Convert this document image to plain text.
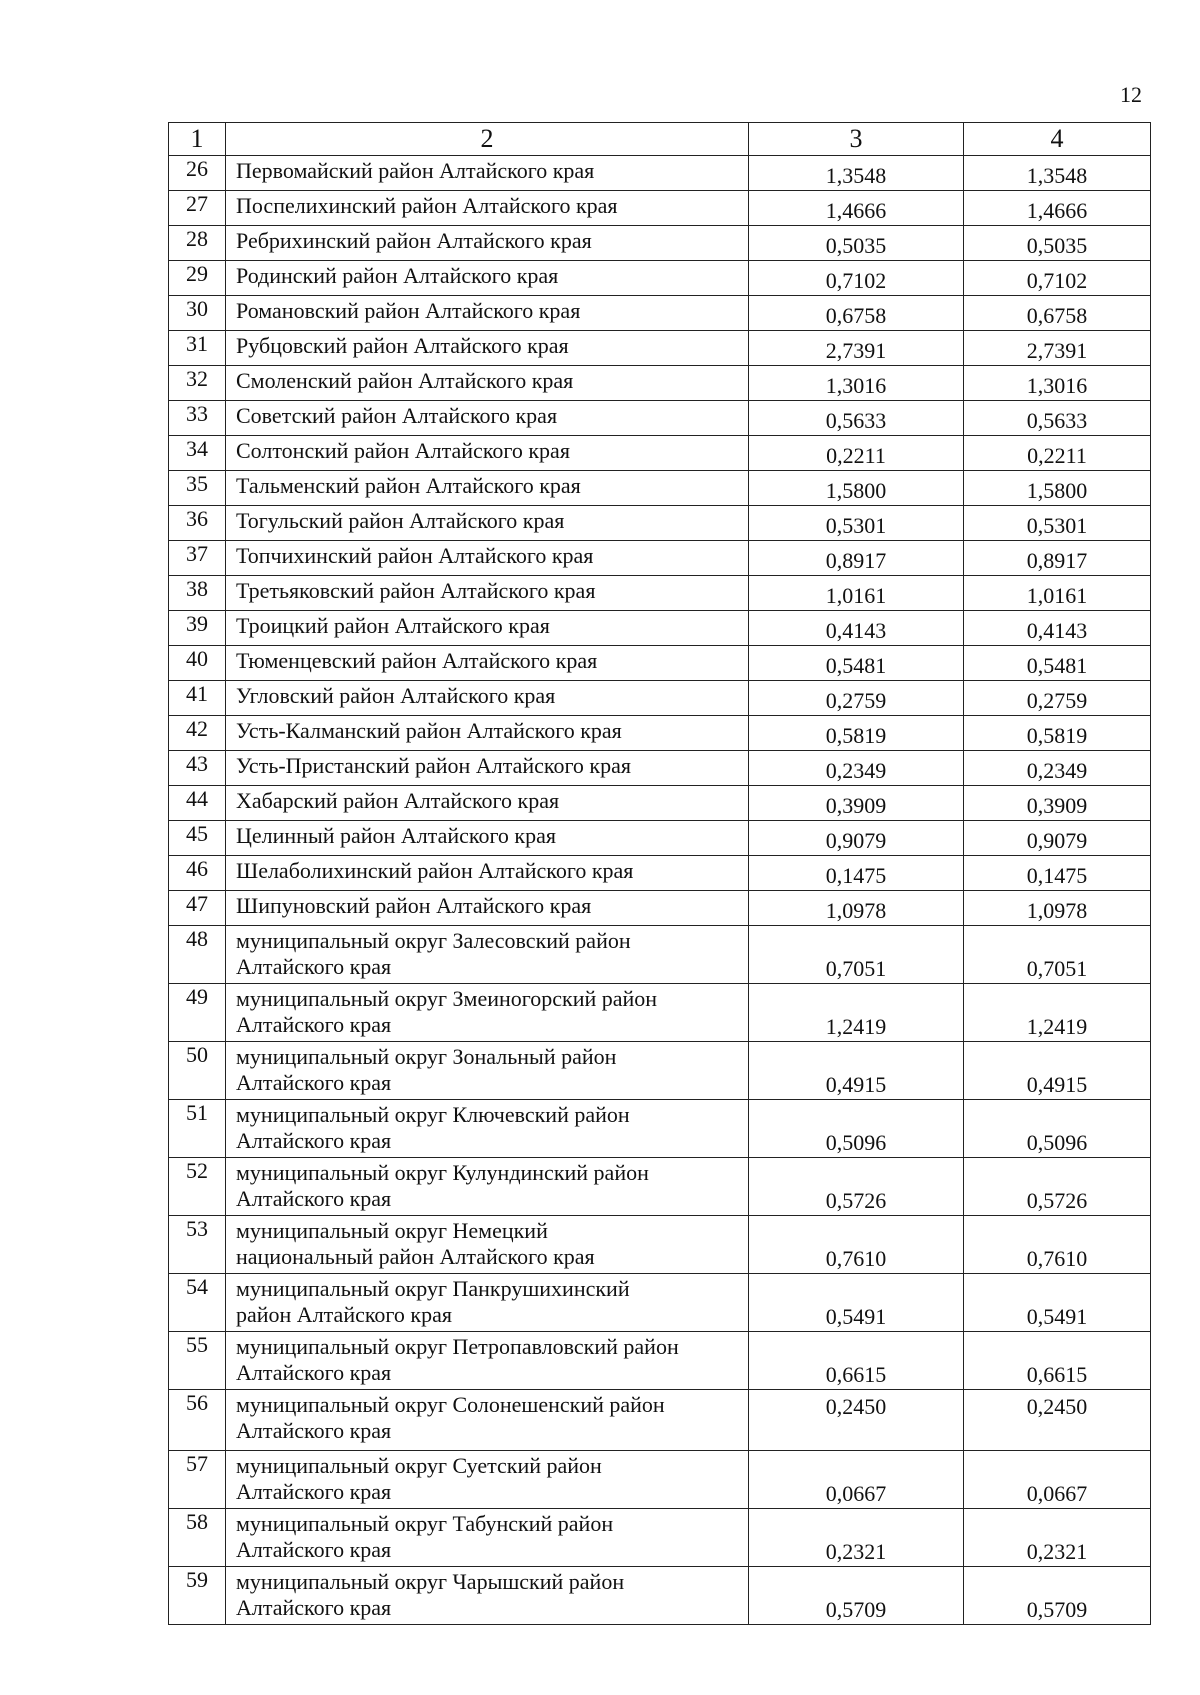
12
1	2	3	4
26	Первомайский район Алтайского края	1,3548	1,3548
27	Поспелихинский район Алтайского края	1,4666	1,4666
28	Ребрихинский район Алтайского края	0,5035	0,5035
29	Родинский район Алтайского края	0,7102	0,7102
30	Романовский район Алтайского края	0,6758	0,6758
31	Рубцовский район Алтайского края	2,7391	2,7391
32	Смоленский район Алтайского края	1,3016	1,3016
33	Советский район Алтайского края	0,5633	0,5633
34	Солтонский район Алтайского края	0,2211	0,2211
35	Тальменский район Алтайского края	1,5800	1,5800
36	Тогульский район Алтайского края	0,5301	0,5301
37	Топчихинский район Алтайского края	0,8917	0,8917
38	Третьяковский район Алтайского края	1,0161	1,0161
39	Троицкий район Алтайского края	0,4143	0,4143
40	Тюменцевский район Алтайского края	0,5481	0,5481
41	Угловский район Алтайского края	0,2759	0,2759
42	Усть-Калманский район Алтайского края	0,5819	0,5819
43	Усть-Пристанский район Алтайского края	0,2349	0,2349
44	Хабарский район Алтайского края	0,3909	0,3909
45	Целинный район Алтайского края	0,9079	0,9079
46	Шелаболихинский район Алтайского края	0,1475	0,1475
47	Шипуновский район Алтайского края	1,0978	1,0978
48	муниципальный округ Залесовский район
Алтайского края	0,7051	0,7051
49	муниципальный округ Змеиногорский район
Алтайского края	1,2419	1,2419
50	муниципальный округ Зональный район
Алтайского края	0,4915	0,4915
51	муниципальный округ Ключевский район
Алтайского края	0,5096	0,5096
52	муниципальный округ Кулундинский район
Алтайского края	0,5726	0,5726
53	муниципальный округ Немецкий
национальный район Алтайского края	0,7610	0,7610
54	муниципальный округ Панкрушихинский
район Алтайского края	0,5491	0,5491
55	муниципальный округ Петропавловский район
Алтайского края	0,6615	0,6615
56	муниципальный округ Солонешенский район
Алтайского края	0,2450	0,2450
57	муниципальный округ Суетский район
Алтайского края	0,0667	0,0667
58	муниципальный округ Табунский район
Алтайского края	0,2321	0,2321
59	муниципальный округ Чарышский район
Алтайского края	0,5709	0,5709
